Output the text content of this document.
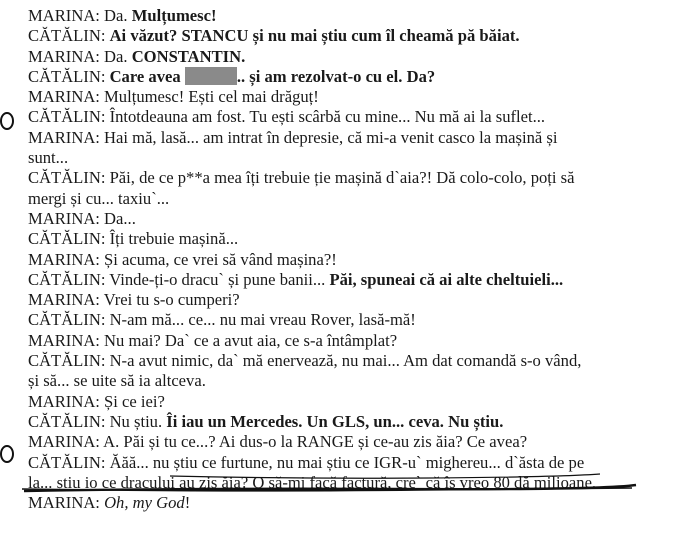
MARINA: Da. Mulțumesc!
CĂTĂLIN: Ai văzut? STANCU și nu mai știu cum îl cheamă pă băiat.
MARINA: Da. CONSTANTIN.
CĂTĂLIN: Care avea	.. și am rezolvat-o cu el. Da?
MARINA: Mulțumesc! Ești cel mai drăguț!
CĂTĂLIN: Întotdeauna am fost. Tu ești scârbă cu mine... Nu mă ai la suflet...
MARINA: Hai mă, lasă... am intrat în depresie, că mi-a venit casco la mașină și
sunt...
CĂTĂLIN: Păi, de ce p**a mea îți trebuie ție mașină d`aia?! Dă colo-colo, poți să
mergi și cu... taxiu`...
MARINA: Da...
CĂTĂLIN: Îți trebuie mașină...
MARINA: Și acuma, ce vrei să vând mașina?!
CĂTĂLIN: Vinde-ți-o dracu` și pune banii... Păi, spuneai că ai alte cheltuieli...
MARINA: Vrei tu s-o cumperi?
CĂTĂLIN: N-am mă... ce... nu mai vreau Rover, lasă-mă!
MARINA: Nu mai? Da` ce a avut aia, ce s-a întâmplat?
CĂTĂLIN: N-a avut nimic, da` mă enervează, nu mai... Am dat comandă s-o vând,
și să... se uite să ia altceva.
MARINA: Și ce iei?
CĂTĂLIN: Nu știu. Îi iau un Mercedes. Un GLS, un... ceva. Nu știu.
MARINA: A. Păi și tu ce...? Ai dus-o la RANGE și ce-au zis ăia? Ce avea?
CĂTĂLIN: Ăăă... nu știu ce furtune, nu mai știu ce IGR-u` mighereu... d`ăsta de pe
la... știu io ce dracului au zis ăia? O să-mi facă factură, cre` că îs vreo 80 dă milioane.
MARINA: Oh, my God!
